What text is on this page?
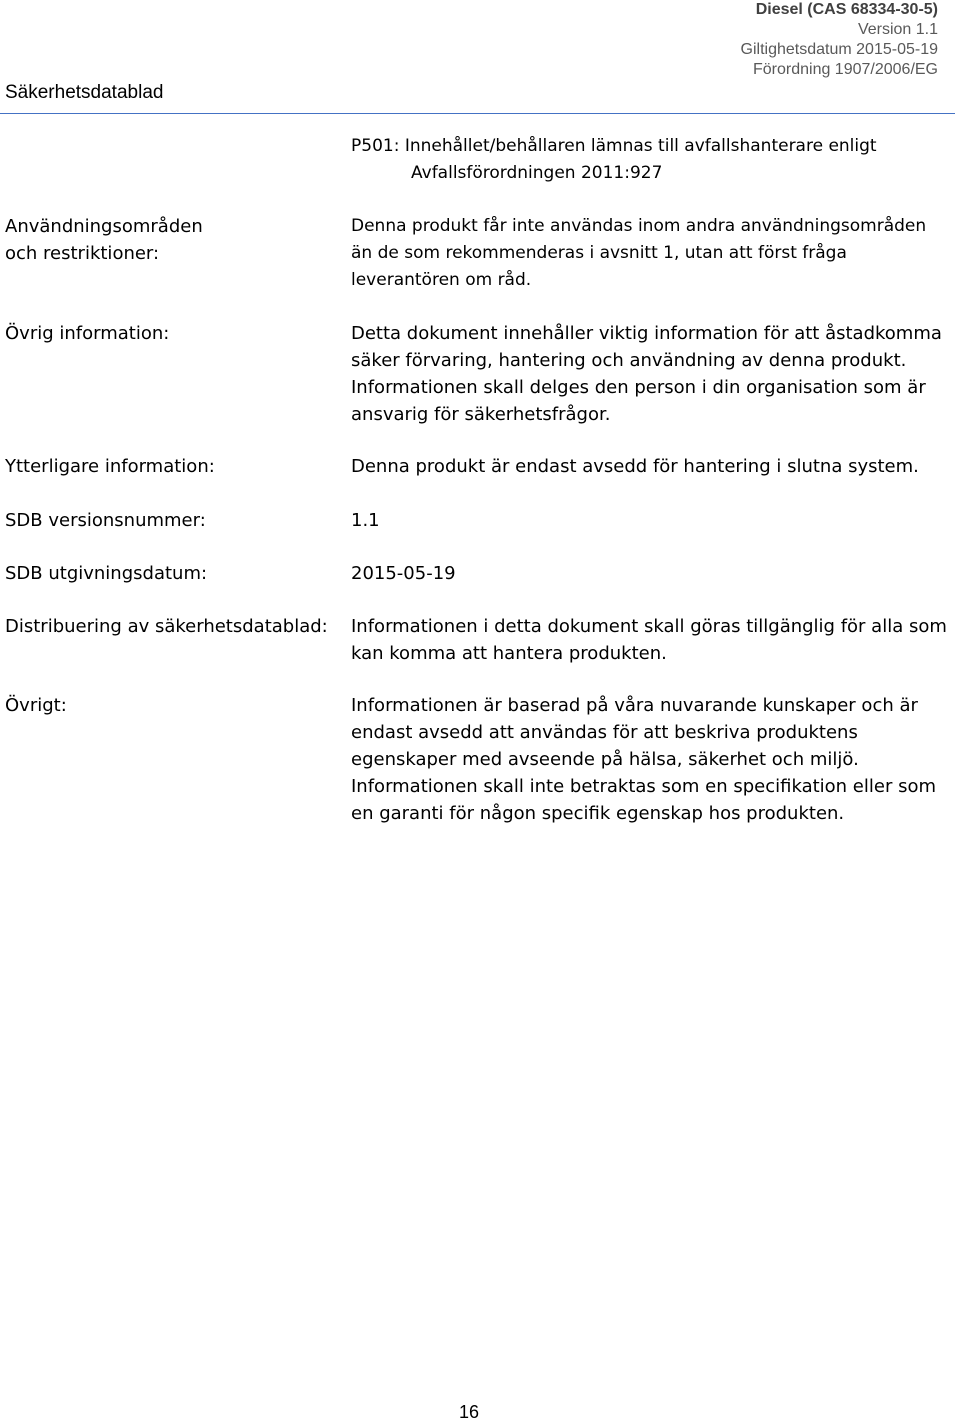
Säkerhetsdatablad
Diesel (CAS 68334-30-5)
Version 1.1
Giltighetsdatum 2015-05-19
Förordning 1907/2006/EG

P501: Innehållet/behållaren lämnas till avfallshanterare enligt

Avfallsförordningen 2011:927

Användningsområden
och restriktioner:
Denna produkt får inte användas inom andra användningsområden än de som rekommenderas i avsnitt 1, utan att först fråga leverantören om råd.
Övrig information:	Detta dokument innehåller viktig information för att åstadkomma säker förvaring, hantering och användning av denna produkt. Informationen skall delges den person i din organisation som är ansvarig för säkerhetsfrågor.
Ytterligare information:	Denna produkt är endast avsedd för hantering i slutna system.
SDB versionsnummer:	1.1
SDB utgivningsdatum:	2015-05-19
Distribuering av säkerhetsdatablad: Informationen i detta dokument skall göras tillgänglig för alla som kan komma att hantera produkten.
Övrigt:	Informationen är baserad på våra nuvarande kunskaper och är endast avsedd att användas för att beskriva produktens egenskaper med avseende på hälsa, säkerhet och miljö. Informationen skall inte betraktas som en specifikation eller som en garanti för någon specifik egenskap hos produkten.
16
